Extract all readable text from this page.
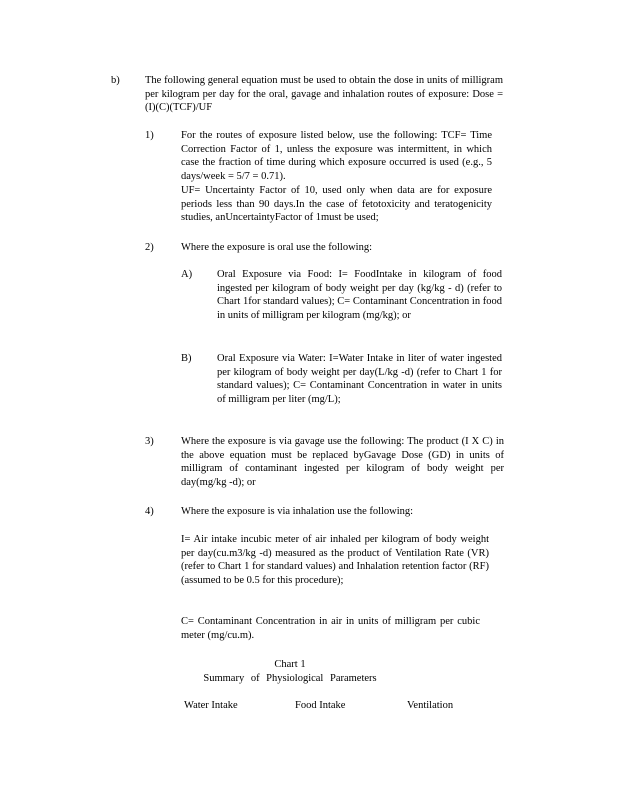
b) The following general equation must be used to obtain the dose in units of milligram per kilogram per day for the oral, gavage and inhalation routes of exposure: Dose = (I)(C)(TCF)/UF

1)	For the routes of exposure listed below, use the following: TCF= Time Correction Factor of 1, unless the exposure was intermittent, in which case the fraction of time during which exposure occurred is used (e.g., 5 days/week = 5/7 = 0.71).

UF= Uncertainty Factor of 10, used only when data are for exposure periods less than 90 days.In the case of fetotoxicity and teratogenicity studies, anUncertaintyFactor of 1must be used;

2)	Where the exposure is oral use the following:

A) Oral Exposure via Food: I= FoodIntake in kilogram of food ingested per kilogram of body weight per day (kg/kg - d) (refer to Chart 1for standard values); C= Contaminant Concentration in food in units of milligram per kilogram (mg/kg); or

B) Oral Exposure via Water: I=Water Intake in liter of water ingested per kilogram of body weight per day(L/kg -d) (refer to Chart 1 for standard values); C= Contaminant Concentration in water in units of milligram per liter (mg/L);

3)	Where the exposure is via gavage use the following: The product (I X C) in the above equation must be replaced byGavage Dose (GD) in units of milligram of contaminant ingested per kilogram of body weight per day(mg/kg -d); or

4)	Where the exposure is via inhalation use the following:

I= Air intake incubic meter of air inhaled per kilogram of body weight per day(cu.m3/kg -d) measured as the product of Ventilation Rate (VR) (refer to Chart 1 for standard values) and Inhalation retention factor (RF) (assumed to be 0.5 for this procedure);

C= Contaminant Concentration in air in units of milligram per cubic meter (mg/cu.m).

Chart 1
Summary of Physiological Parameters
Water Intake	Food Intake	Ventilation
